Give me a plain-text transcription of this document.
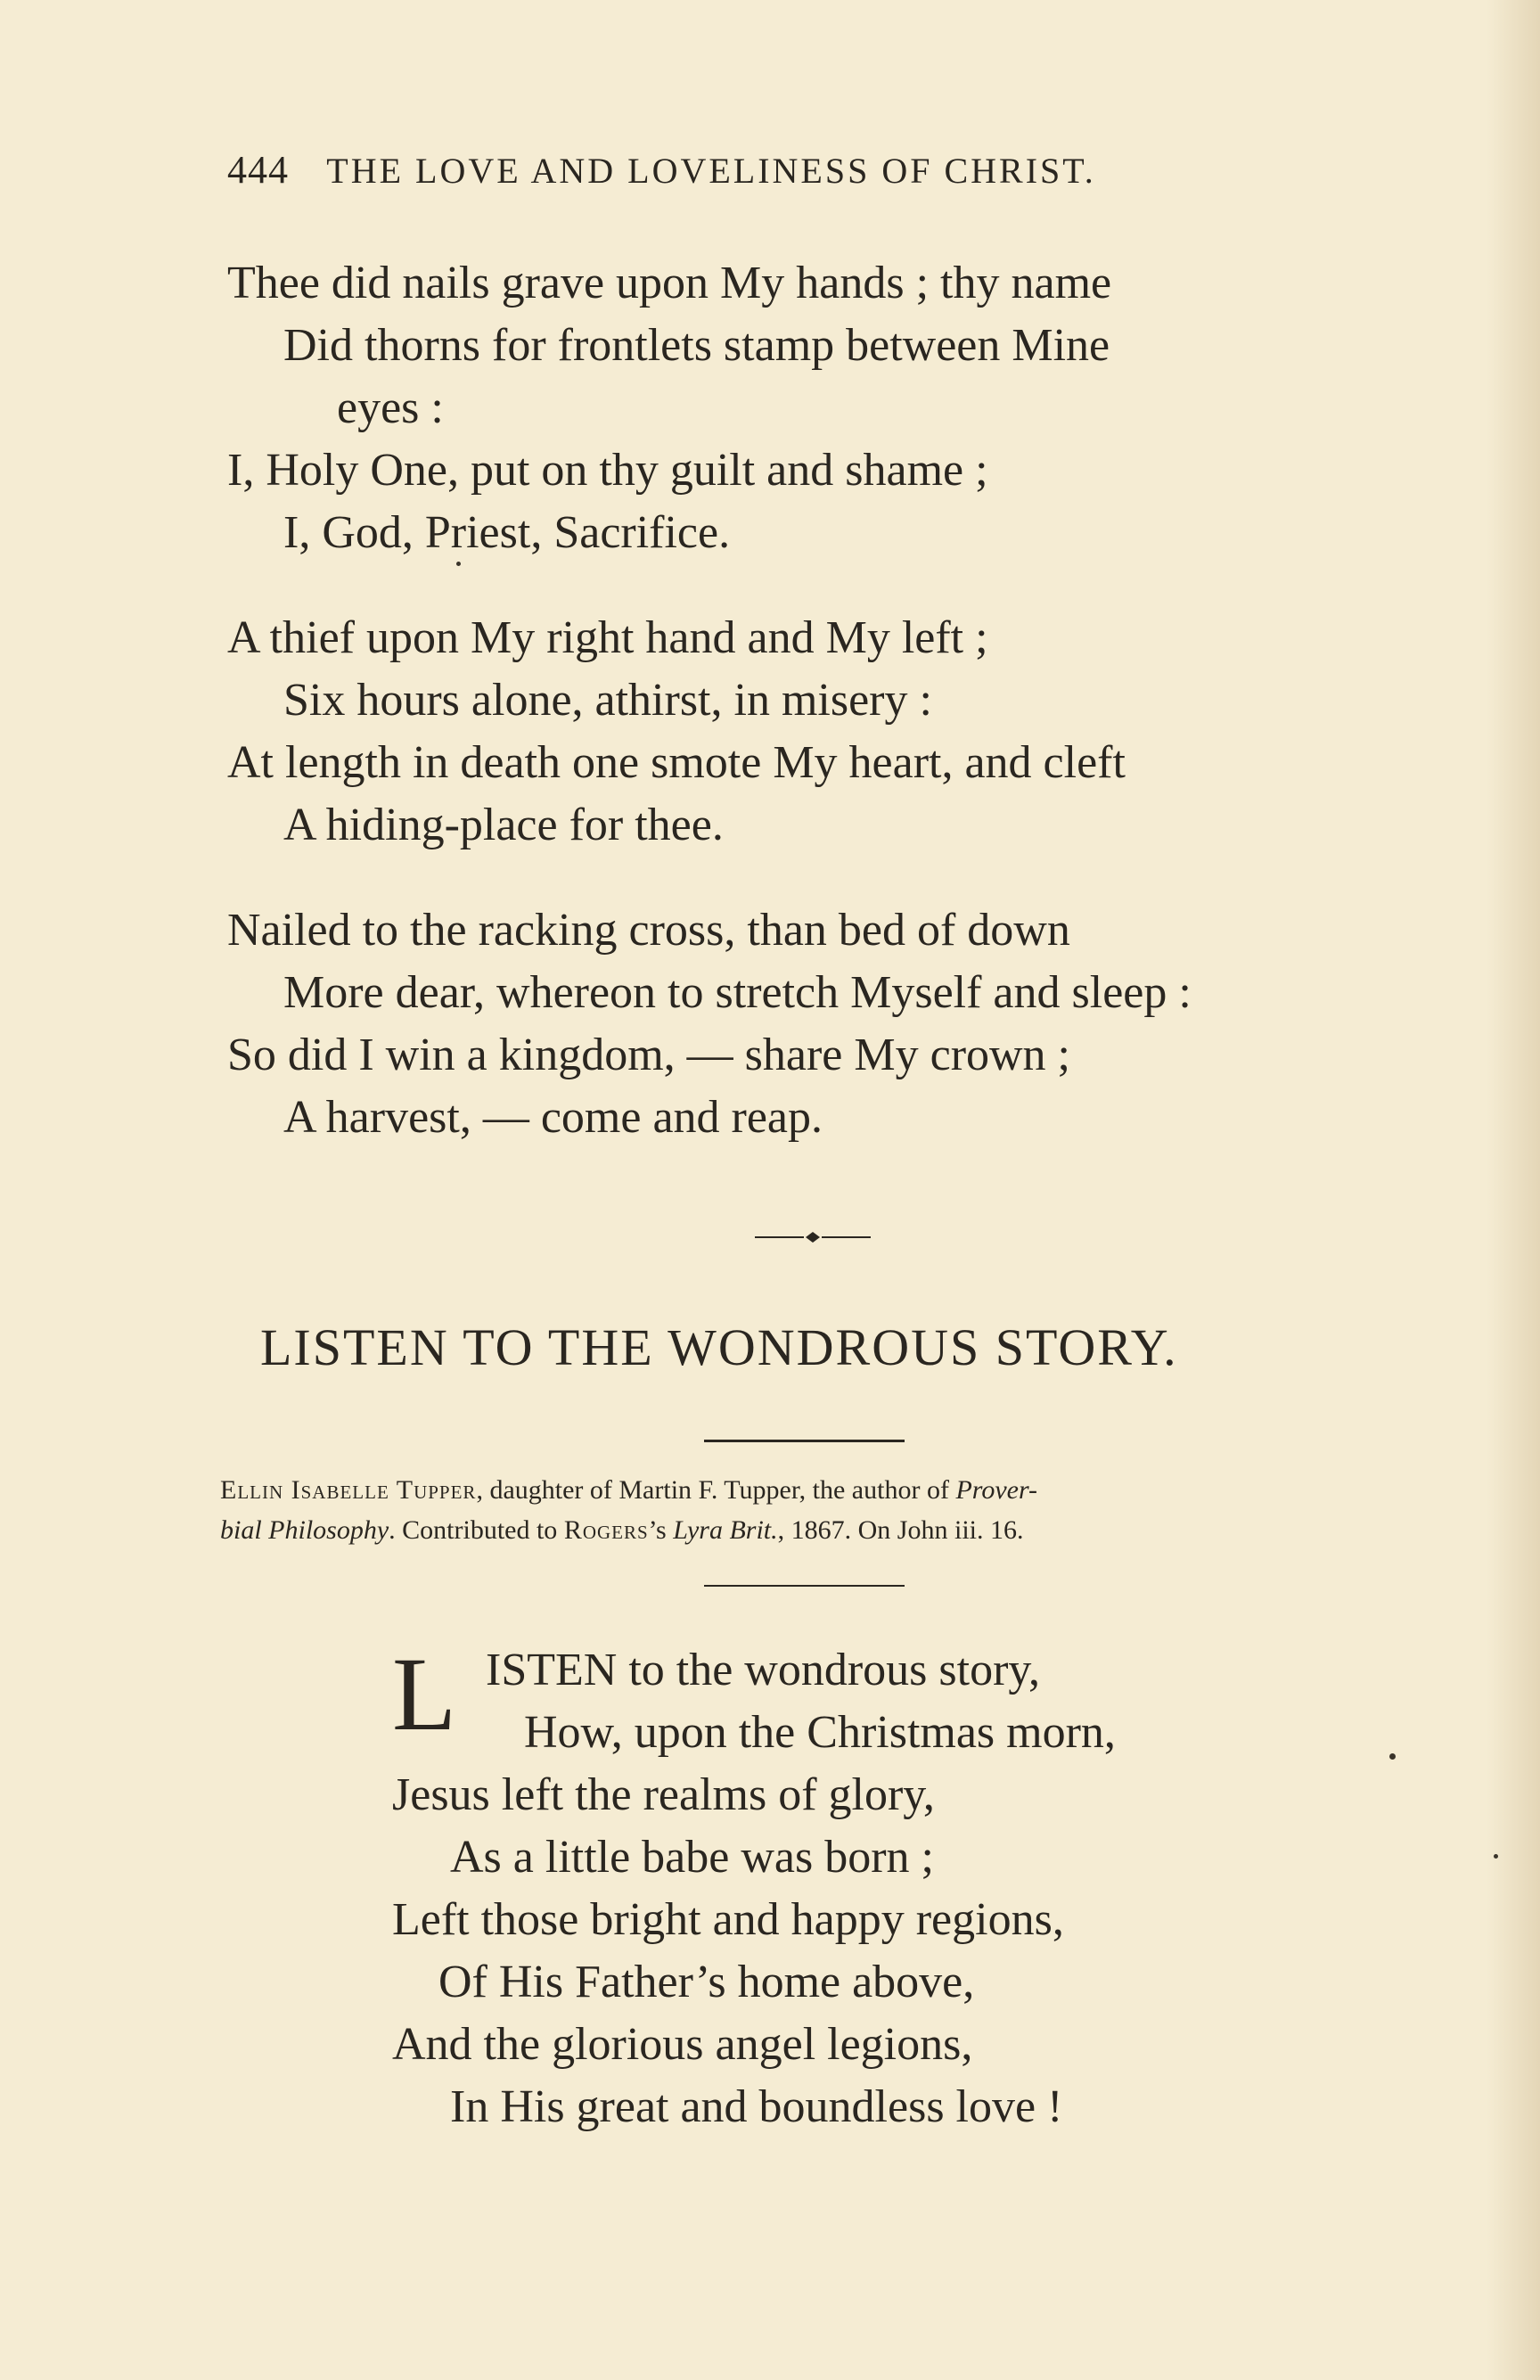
444 THE LOVE AND LOVELINESS OF CHRIST.
Thee did nails grave upon My hands ; thy name
Did thorns for frontlets stamp between Mine
eyes :
I, Holy One, put on thy guilt and shame ;
I, God, Priest, Sacrifice.
A thief upon My right hand and My left ;
Six hours alone, athirst, in misery :
At length in death one smote My heart, and cleft
A hiding-place for thee.
Nailed to the racking cross, than bed of down
More dear, whereon to stretch Myself and sleep :
So did I win a kingdom, — share My crown ;
A harvest, — come and reap.
LISTEN TO THE WONDROUS STORY.
Ellin Isabelle Tupper, daughter of Martin F. Tupper, the author of Prover-
bial Philosophy. Contributed to Rogers’s Lyra Brit., 1867. On John iii. 16.
L ISTEN to the wondrous story,
How, upon the Christmas morn,
Jesus left the realms of glory,
As a little babe was born ;
Left those bright and happy regions,
Of His Father’s home above,
And the glorious angel legions,
In His great and boundless love !
